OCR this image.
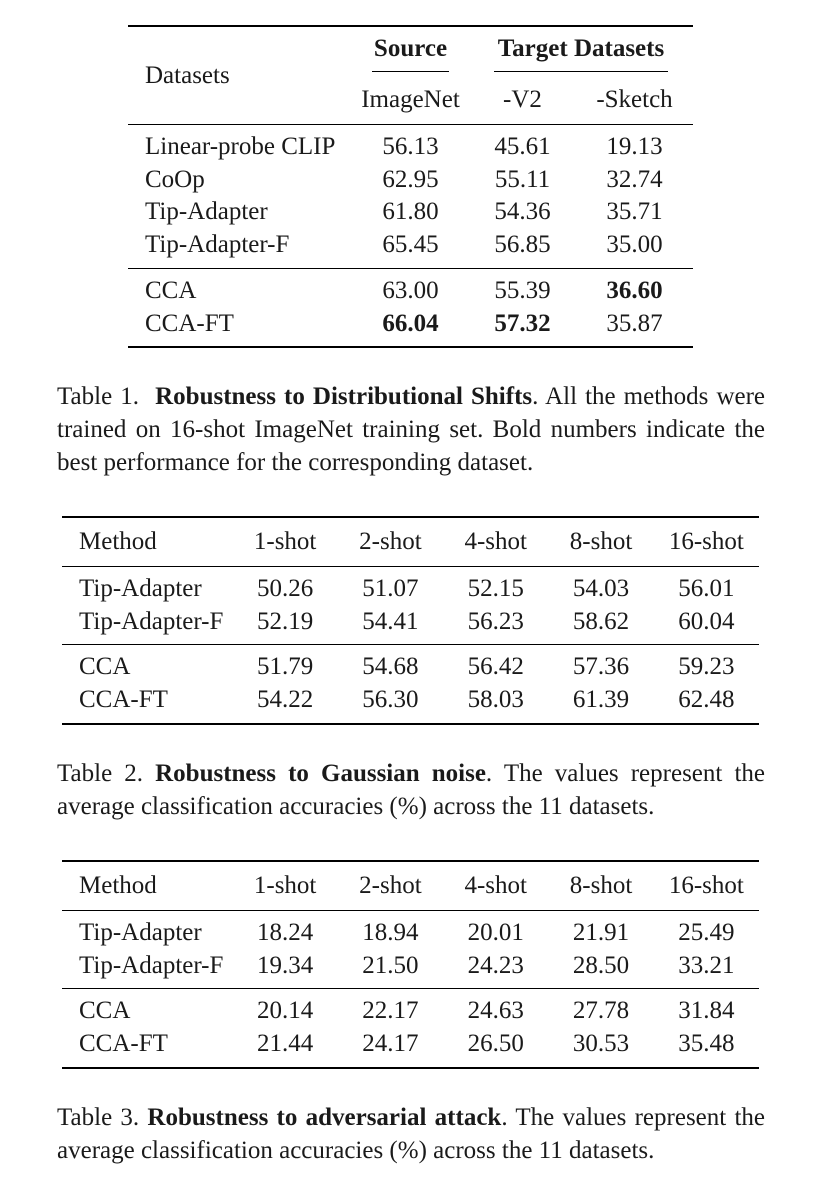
Datasets	Source	Target Datasets	
	ImageNet	-V2	-Sketch
Linear-probe CLIP	56.13	45.61	19.13
CoOp	62.95	55.11	32.74
Tip-Adapter	61.80	54.36	35.71
Tip-Adapter-F	65.45	56.85	35.00
CCA	63.00	55.39	36.60
CCA-FT	66.04	57.32	35.87
Table 1. Robustness to Distributional Shifts. All the methods were trained on 16-shot ImageNet training set. Bold numbers indicate the best performance for the corresponding dataset.
Method	1-shot	2-shot	4-shot	8-shot	16-shot
Tip-Adapter	50.26	51.07	52.15	54.03	56.01
Tip-Adapter-F	52.19	54.41	56.23	58.62	60.04
CCA	51.79	54.68	56.42	57.36	59.23
CCA-FT	54.22	56.30	58.03	61.39	62.48
Table 2. Robustness to Gaussian noise. The values represent the average classification accuracies (%) across the 11 datasets.
Method	1-shot	2-shot	4-shot	8-shot	16-shot
Tip-Adapter	18.24	18.94	20.01	21.91	25.49
Tip-Adapter-F	19.34	21.50	24.23	28.50	33.21
CCA	20.14	22.17	24.63	27.78	31.84
CCA-FT	21.44	24.17	26.50	30.53	35.48
Table 3. Robustness to adversarial attack. The values represent the average classification accuracies (%) across the 11 datasets.
